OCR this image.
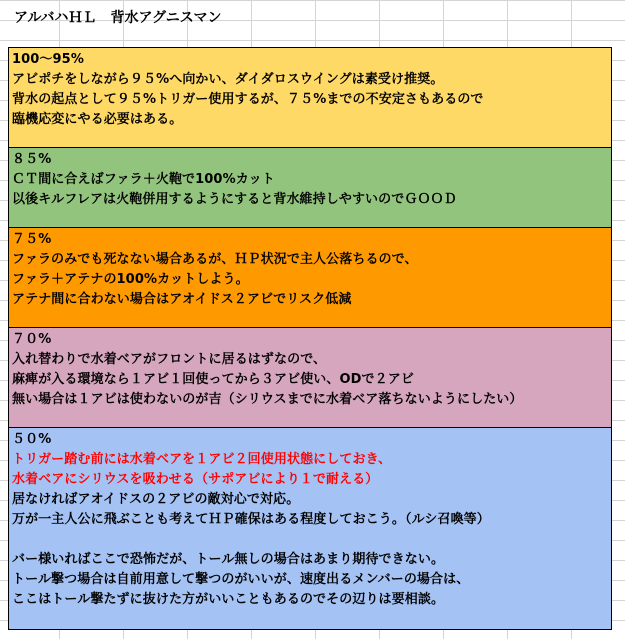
アルバハＨＬ　背水アグニスマン
100～95%
アビポチをしながら９５%へ向かい、ダイダロスウイングは素受け推奨。
背水の起点として９５%トリガー使用するが、７５%までの不安定さもあるので
臨機応変にやる必要はある。
８５%
ＣＴ間に合えばファラ＋火鞄で100%カット
以後キルフレアは火鞄併用するようにすると背水維持しやすいのでＧＯＯＤ
７５%
ファラのみでも死なない場合あるが、ＨＰ状況で主人公落ちるので、
ファラ＋アテナの100%カットしよう。
アテナ間に合わない場合はアオイドス２アビでリスク低減
７０%
入れ替わりで水着ベアがフロントに居るはずなので、
麻痺が入る環境なら１アビ１回使ってから３アビ使い、ODで２アビ
無い場合は１アビは使わないのが吉（シリウスまでに水着ベア落ちないようにしたい）
５０%
トリガー踏む前には水着ベアを１アビ２回使用状態にしておき、
水着ベアにシリウスを吸わせる（サポアビにより１で耐える）
居なければアオイドスの２アビの敵対心で対応。
万が一主人公に飛ぶことも考えてＨＰ確保はある程度しておこう。（ルシ召喚等）
バー様いればここで恐怖だが、トール無しの場合はあまり期待できない。
トール撃つ場合は自前用意して撃つのがいいが、速度出るメンバーの場合は、
ここはトール撃たずに抜けた方がいいこともあるのでその辺りは要相談。
